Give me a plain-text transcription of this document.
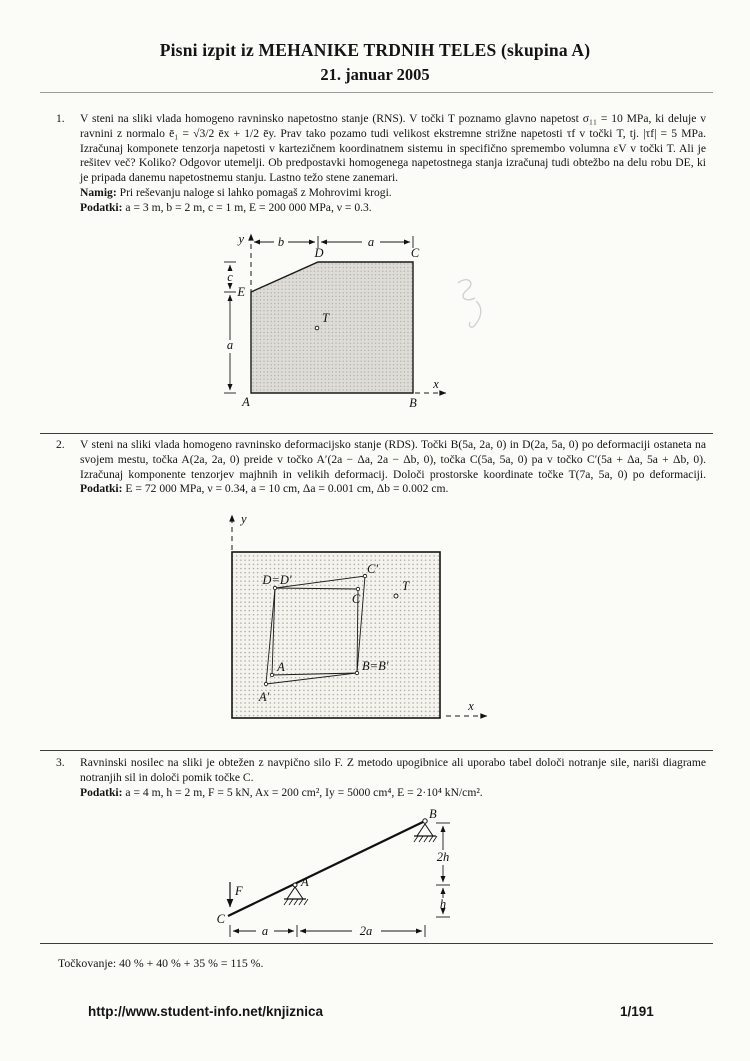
Pisni izpit iz MEHANIKE TRDNIH TELES (skupina A)

21. januar 2005

1.	V steni na sliki vlada homogeno ravninsko napetostno stanje (RNS). V točki T poznamo glavno napetost σ₁₁ = 10 MPa, ki deluje v ravnini z normalo ē₁ = √3/2 ēx + 1/2 ēy. Prav tako pozamo tudi velikost ekstremne strižne napetosti τf v točki T, tj. |τf| = 5 MPa. Izračunaj komponete tenzorja napetosti v kartezičnem koordinatnem sistemu in specifično spremembo volumna εV v točki T. Ali je rešitev več? Koliko? Odgovor utemelji. Ob predpostavki homogenega napetostnega stanja izračunaj tudi obtežbo na delu robu DE, ki je pripada danemu napetostnemu stanju. Lastno težo stene zanemari.

Namig: Pri reševanju naloge si lahko pomagaš z Mohrovimi krogi.

Podatki: a = 3 m, b = 2 m, c = 1 m, E = 200 000 MPa, ν = 0.3.

b	a
c
a
x
y
A	B
C
D
E
T
2.	V steni na sliki vlada homogeno ravninsko deformacijsko stanje (RDS). Točki B(5a, 2a, 0) in D(2a, 5a, 0) po deformaciji ostaneta na svojem mestu, točka A(2a, 2a, 0) preide v točko A′(2a − Δa, 2a − Δb, 0), točka C(5a, 5a, 0) pa v točko C′(5a + Δa, 5a + Δb, 0). Izračunaj komponente tenzorjev majhnih in velikih deformacij. Določi prostorske koordinate točke T(7a, 5a, 0) po deformaciji. Podatki: E = 72 000 MPa, ν = 0.34, a = 10 cm, Δa = 0.001 cm, Δb = 0.002 cm.

y
x
D=D′
C′
C
T
A	B=B′
A′
3.	Ravninski nosilec na sliki je obtežen z navpično silo F. Z metodo upogibnice ali uporabo tabel določi notranje sile, nariši diagrame notranjih sil in določi pomik točke C.

Podatki: a = 4 m, h = 2 m, F = 5 kN, Ax = 200 cm², Iy = 5000 cm⁴, E = 2·10⁴ kN/cm².

F
B
A
C
2h
h
a	2a
Točkovanje: 40 % + 40 % + 35 % = 115 %.
http://www.student-info.net/knjiznica	1/191
